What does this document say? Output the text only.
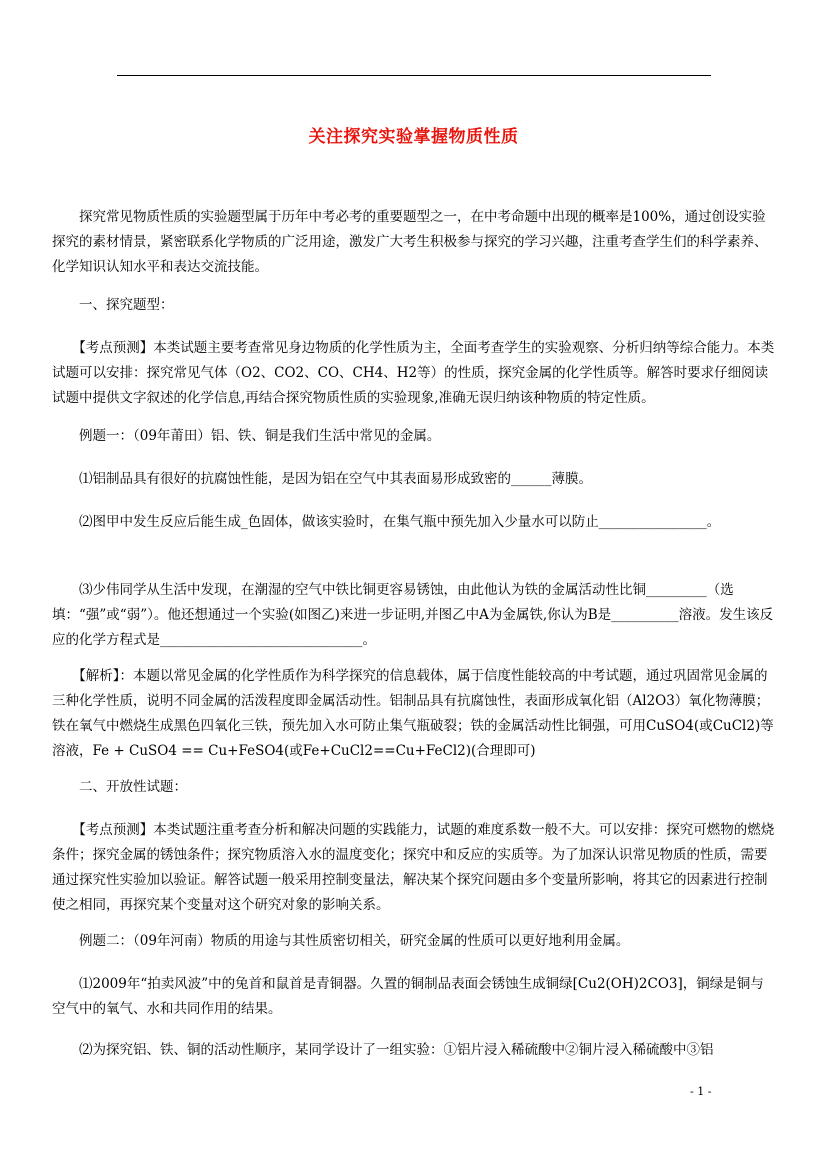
关注探究实验掌握物质性质
　　探究常见物质性质的实验题型属于历年中考必考的重要题型之一，在中考命题中出现的概率是100%，通过创设实验探究的素材情景，紧密联系化学物质的广泛用途，激发广大考生积极参与探究的学习兴趣，注重考查学生们的科学素养、化学知识认知水平和表达交流技能。
　　一、探究题型：
　　【考点预测】本类试题主要考查常见身边物质的化学性质为主，全面考查学生的实验观察、分析归纳等综合能力。本类试题可以安排：探究常见气体（O2、CO2、CO、CH4、H2等）的性质，探究金属的化学性质等。解答时要求仔细阅读试题中提供文字叙述的化学信息,再结合探究物质性质的实验现象,准确无误归纳该种物质的特定性质。
　　例题一：（09年莆田）铝、铁、铜是我们生活中常见的金属。
　　⑴铝制品具有很好的抗腐蚀性能，是因为铝在空气中其表面易形成致密的______薄膜。
　　⑵图甲中发生反应后能生成_色固体，做该实验时，在集气瓶中预先加入少量水可以防止________________。
　　⑶少伟同学从生活中发现，在潮湿的空气中铁比铜更容易锈蚀，由此他认为铁的金属活动性比铜_________（选填：“强”或“弱”）。他还想通过一个实验(如图乙)来进一步证明,并图乙中A为金属铁,你认为B是__________溶液。发生该反应的化学方程式是______________________________。
　　【解析】：本题以常见金属的化学性质作为科学探究的信息载体，属于信度性能较高的中考试题，通过巩固常见金属的三种化学性质，说明不同金属的活泼程度即金属活动性。铝制品具有抗腐蚀性，表面形成氧化铝（Al2O3）氧化物薄膜；铁在氧气中燃烧生成黑色四氧化三铁，预先加入水可防止集气瓶破裂；铁的金属活动性比铜强，可用CuSO4(或CuCl2)等溶液，Fe + CuSO4 == Cu+FeSO4(或Fe+CuCl2==Cu+FeCl2)(合理即可)
　　二、开放性试题：
　　【考点预测】本类试题注重考查分析和解决问题的实践能力，试题的难度系数一般不大。可以安排：探究可燃物的燃烧条件；探究金属的锈蚀条件；探究物质溶入水的温度变化；探究中和反应的实质等。为了加深认识常见物质的性质，需要通过探究性实验加以验证。解答试题一般采用控制变量法，解决某个探究问题由多个变量所影响，将其它的因素进行控制使之相同，再探究某个变量对这个研究对象的影响关系。
　　例题二：（09年河南）物质的用途与其性质密切相关，研究金属的性质可以更好地利用金属。
　　⑴2009年“拍卖风波”中的兔首和鼠首是青铜器。久置的铜制品表面会锈蚀生成铜绿[Cu2(OH)2CO3]，铜绿是铜与空气中的氧气、水和共同作用的结果。
　　⑵为探究铝、铁、铜的活动性顺序，某同学设计了一组实验：①铝片浸入稀硫酸中②铜片浸入稀硫酸中③铝
- 1 -
